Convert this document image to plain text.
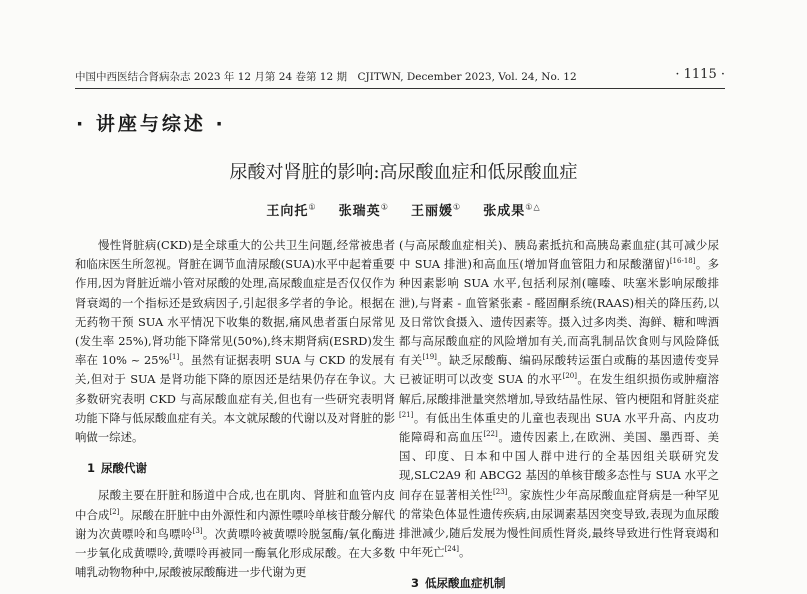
中国中西医结合肾病杂志 2023 年 12 月第 24 卷第 12 期　CJITWN, December 2023, Vol. 24, No. 12	· 1115 ·
· 讲座与综述 ·
尿酸对肾脏的影响:高尿酸血症和低尿酸血症
王向托① 张瑞英① 王丽媛① 张成果①△

慢性肾脏病(CKD)是全球重大的公共卫生问题,经常被患者和临床医生所忽视。肾脏在调节血清尿酸(SUA)水平中起着重要作用,因为肾脏近端小管对尿酸的处理,高尿酸血症是否仅仅作为肾衰竭的一个指标还是致病因子,引起很多学者的争论。根据在无药物干预 SUA 水平情况下收集的数据,痛风患者蛋白尿常见(发生率 25%),肾功能下降常见(50%),终末期肾病(ESRD)发生率在 10% ~ 25%[1]。虽然有证据表明 SUA 与 CKD 的发展有关,但对于 SUA 是肾功能下降的原因还是结果仍存在争议。大多数研究表明 CKD 与高尿酸血症有关,但也有一些研究表明肾功能下降与低尿酸血症有关。本文就尿酸的代谢以及对肾脏的影响做一综述。

1 尿酸代谢

尿酸主要在肝脏和肠道中合成,也在肌肉、肾脏和血管内皮中合成[2]。尿酸在肝脏中由外源性和内源性嘌呤单核苷酸分解代谢为次黄嘌呤和鸟嘌呤[3]。次黄嘌呤被黄嘌呤脱氢酶/氧化酶进一步氧化成黄嘌呤,黄嘌呤再被同一酶氧化形成尿酸。在大多数哺乳动物物种中,尿酸被尿酸酶进一步代谢为更

(与高尿酸血症相关)、胰岛素抵抗和高胰岛素血症(其可减少尿中 SUA 排泄)和高血压(增加肾血管阻力和尿酸潴留)[16-18]。多种因素影响 SUA 水平,包括利尿剂(噻嗪、呋塞米影响尿酸排泄),与肾素 - 血管紧张素 - 醛固酮系统(RAAS)相关的降压药,以及日常饮食摄入、遗传因素等。摄入过多肉类、海鲜、糖和啤酒都与高尿酸血症的风险增加有关,而高乳制品饮食则与风险降低有关[19]。缺乏尿酸酶、编码尿酸转运蛋白或酶的基因遗传变异已被证明可以改变 SUA 的水平[20]。在发生组织损伤或肿瘤溶解后,尿酸排泄量突然增加,导致结晶性尿、管内梗阻和肾脏炎症[21]。有低出生体重史的儿童也表现出 SUA 水平升高、内皮功能障碍和高血压[22]。遗传因素上,在欧洲、美国、墨西哥、美国、印度、日本和中国人群中进行的全基因组关联研究发现,SLC2A9 和 ABCG2 基因的单核苷酸多态性与 SUA 水平之间存在显著相关性[23]。家族性少年高尿酸血症肾病是一种罕见的常染色体显性遗传疾病,由尿调素基因突变导致,表现为血尿酸排泄减少,随后发展为慢性间质性肾炎,最终导致进行性肾衰竭和中年死亡[24]。

3 低尿酸血症机制
